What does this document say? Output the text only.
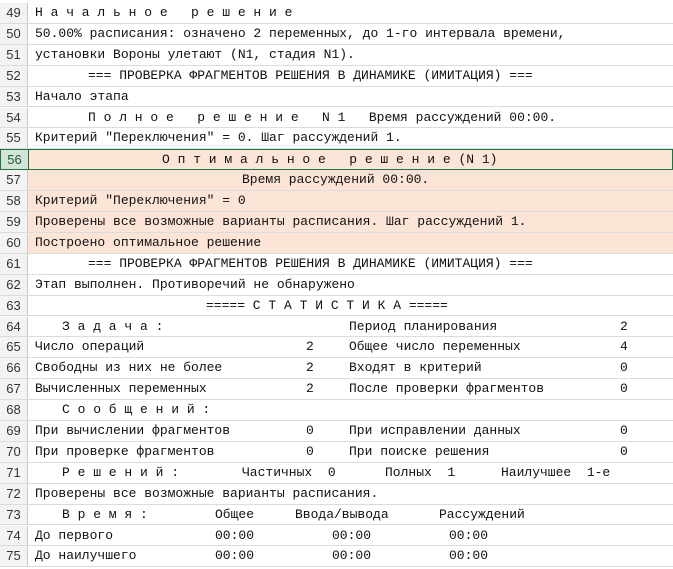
49	Н а ч а л ь н о е   р е ш е н и е
50	50.00% расписания: означено 2 переменных, до 1-го интервала времени,
51	установки Вороны улетают (N1, стадия N1).
52	=== ПРОВЕРКА ФРАГМЕНТОВ РЕШЕНИЯ В ДИНАМИКЕ (ИМИТАЦИЯ) ===
53	Начало этапа
54	П о л н о е   р е ш е н и е   N 1   Время рассуждений 00:00.
55	Критерий "Переключения" = 0. Шаг рассуждений 1.
56	О п т и м а л ь н о е   р е ш е н и е (N 1)
57	Время рассуждений 00:00.
58	Критерий "Переключения" = 0
59	Проверены все возможные варианты расписания. Шаг рассуждений 1.
60	Построено оптимальное решение
61	=== ПРОВЕРКА ФРАГМЕНТОВ РЕШЕНИЯ В ДИНАМИКЕ (ИМИТАЦИЯ) ===
62	Этап выполнен. Противоречий не обнаружено
63	===== С Т А Т И С Т И К А =====
64	З а д а ч а :	Период планирования	2
65	Число операций	2	Общее число переменных	4
66	Свободны из них не более	2	Входят в критерий	0
67	Вычисленных переменных	2	После проверки фрагментов	0
68	С о о б щ е н и й :
69	При вычислении фрагментов	0	При исправлении данных	0
70	При проверке фрагментов	0	При поиске решения	0
71	Р е ш е н и й :	Частичных  0	Полных  1	Наилучшее  1-е
72	Проверены все возможные варианты расписания.
73	В р е м я :	Общее	Ввода/вывода	Рассуждений
74	До первого	00:00	00:00	00:00
75	До наилучшего	00:00	00:00	00:00
